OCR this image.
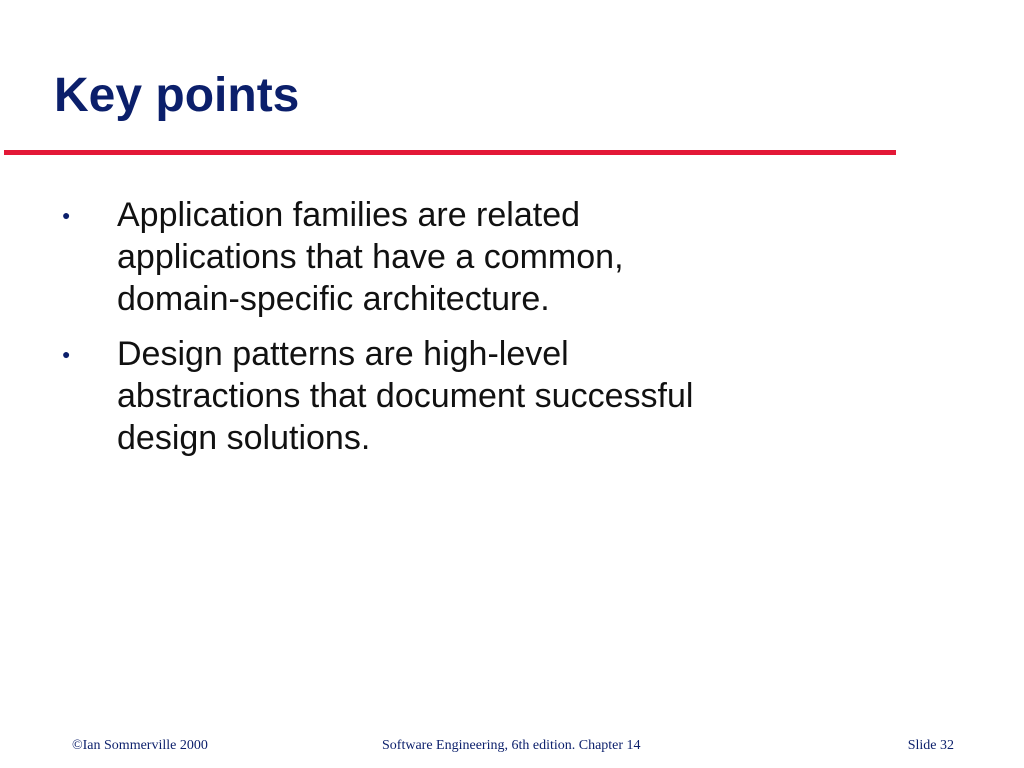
Key points
●	Application families are related
applications that have a common,
domain-specific architecture.
●	Design patterns are high-level
abstractions that document successful
design solutions.
©Ian Sommerville 2000	Software Engineering, 6th edition. Chapter 14	Slide 32
